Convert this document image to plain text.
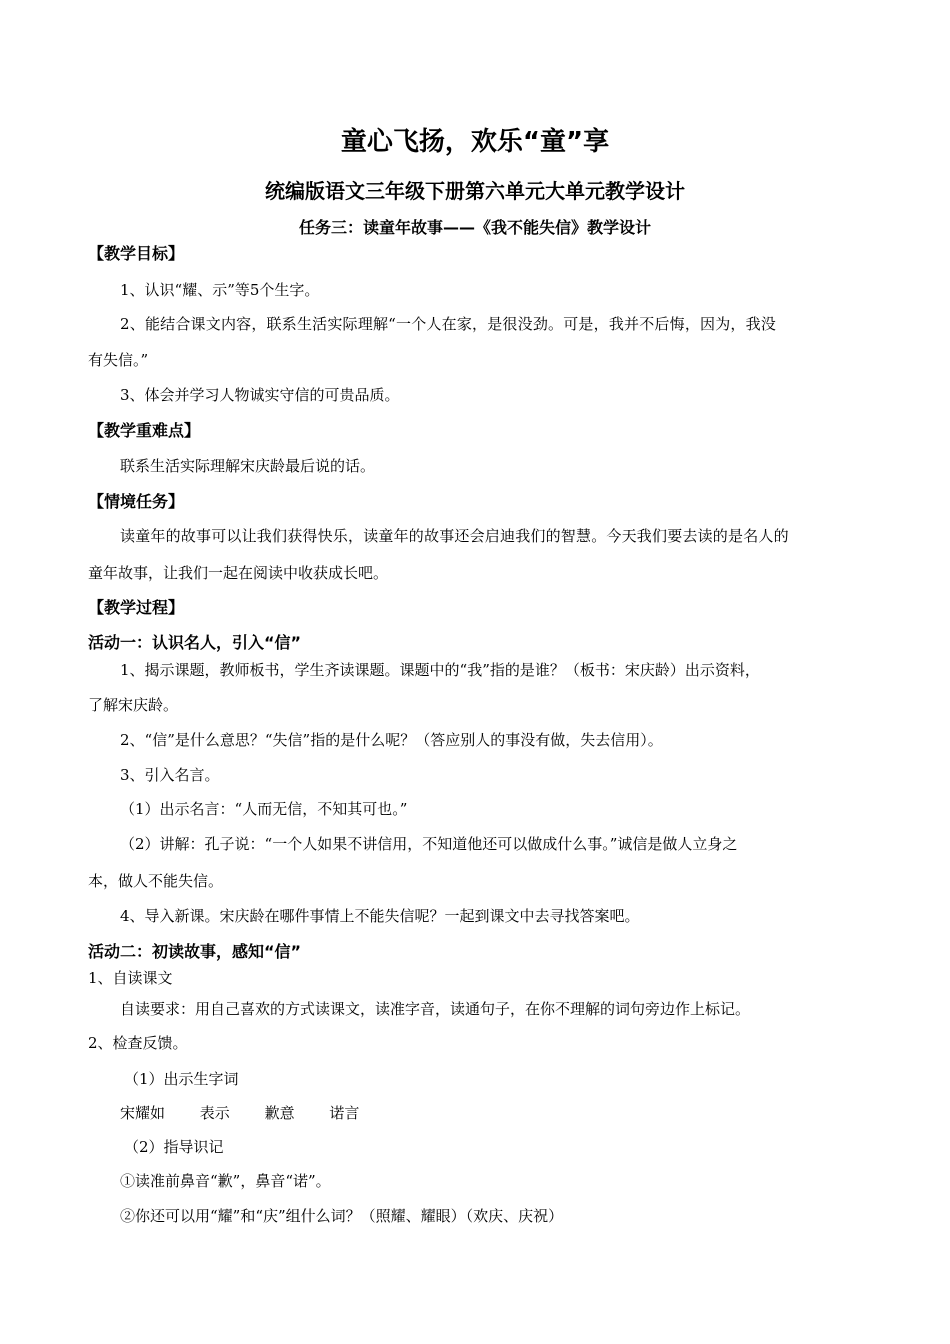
童心飞扬，欢乐“童”享
统编版语文三年级下册第六单元大单元教学设计
任务三：读童年故事——《我不能失信》教学设计
【教学目标】
1、认识“耀、示”等5个生字。
2、能结合课文内容，联系生活实际理解“一个人在家，是很没劲。可是，我并不后悔，因为，我没
有失信。”
3、体会并学习人物诚实守信的可贵品质。
【教学重难点】
联系生活实际理解宋庆龄最后说的话。
【情境任务】
读童年的故事可以让我们获得快乐，读童年的故事还会启迪我们的智慧。今天我们要去读的是名人的
童年故事，让我们一起在阅读中收获成长吧。
【教学过程】
活动一：认识名人，引入“信”
1、揭示课题，教师板书，学生齐读课题。课题中的“我”指的是谁？（板书：宋庆龄）出示资料，
了解宋庆龄。
2、“信”是什么意思？“失信”指的是什么呢？（答应别人的事没有做，失去信用）。
3、引入名言。
（1）出示名言：“人而无信，不知其可也。”
（2）讲解：孔子说：“一个人如果不讲信用，不知道他还可以做成什么事。”诚信是做人立身之
本，做人不能失信。
4、导入新课。宋庆龄在哪件事情上不能失信呢？一起到课文中去寻找答案吧。
活动二：初读故事，感知“信”
1、自读课文
自读要求：用自己喜欢的方式读课文，读准字音，读通句子，在你不理解的词句旁边作上标记。
2、检查反馈。
（1）出示生字词
宋耀如 表示 歉意 诺言
（2）指导识记
①读准前鼻音“歉”，鼻音“诺”。
②你还可以用“耀”和“庆”组什么词？（照耀、耀眼）（欢庆、庆祝）
